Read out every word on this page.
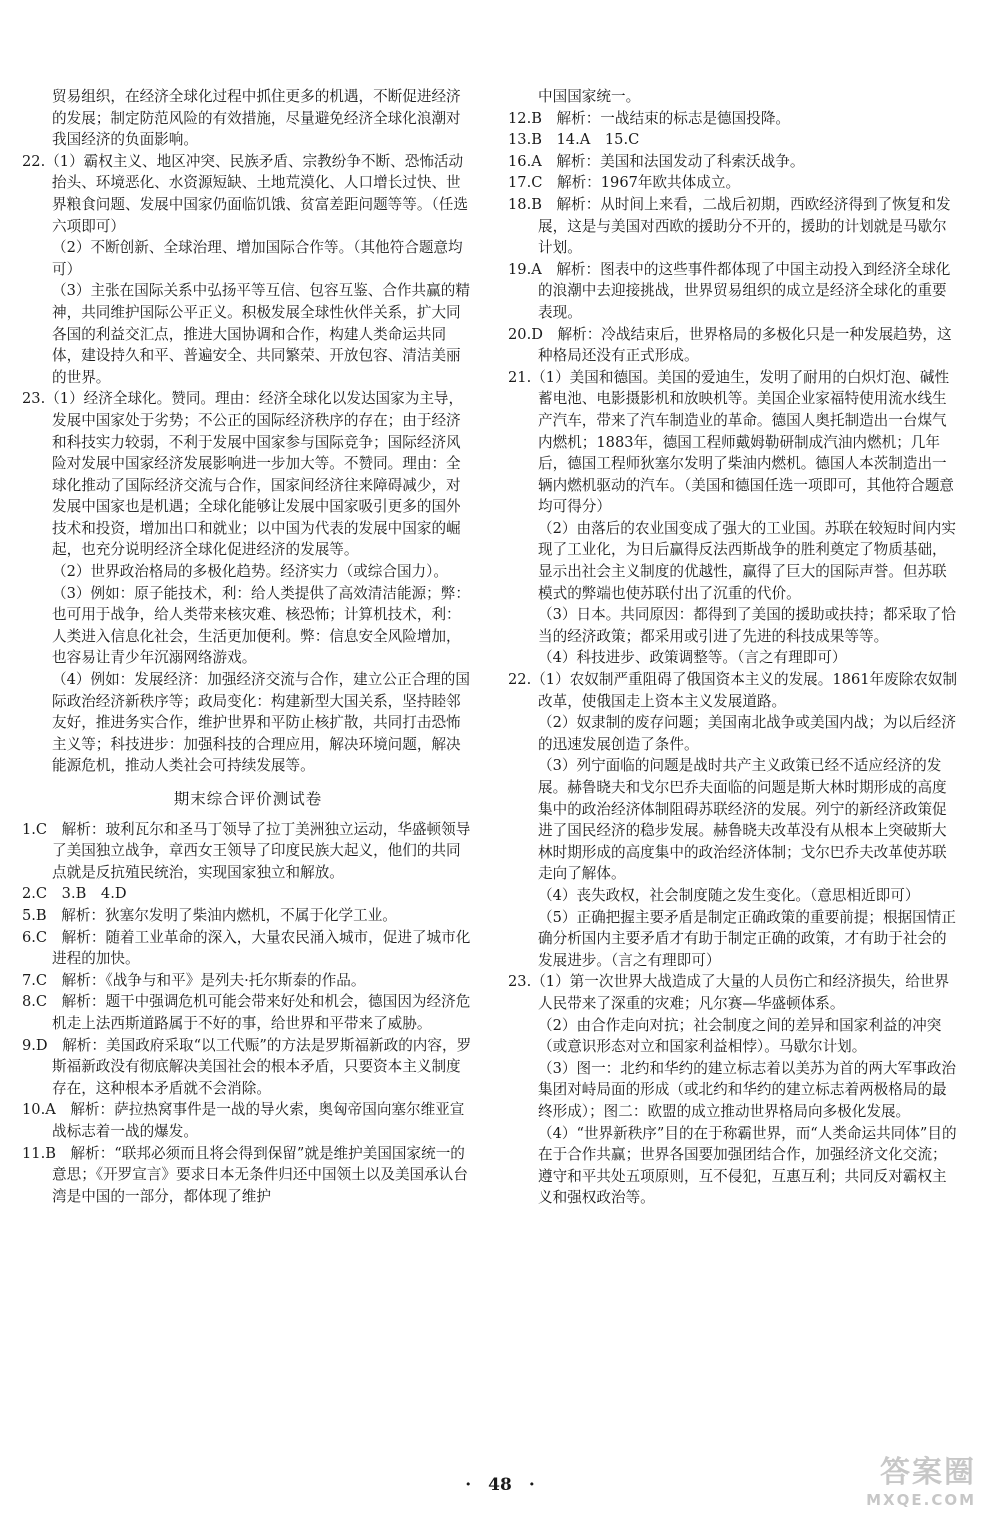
贸易组织，在经济全球化过程中抓住更多的机遇，不断促进经济的发展；制定防范风险的有效措施，尽量避免经济全球化浪潮对我国经济的负面影响。

22.（1）霸权主义、地区冲突、民族矛盾、宗教纷争不断、恐怖活动抬头、环境恶化、水资源短缺、土地荒漠化、人口增长过快、世界粮食问题、发展中国家仍面临饥饿、贫富差距问题等等。（任选六项即可）

（2）不断创新、全球治理、增加国际合作等。（其他符合题意均可）

（3）主张在国际关系中弘扬平等互信、包容互鉴、合作共赢的精神，共同维护国际公平正义。积极发展全球性伙伴关系，扩大同各国的利益交汇点，推进大国协调和合作，构建人类命运共同体，建设持久和平、普遍安全、共同繁荣、开放包容、清洁美丽的世界。

23.（1）经济全球化。赞同。理由：经济全球化以发达国家为主导，发展中国家处于劣势；不公正的国际经济秩序的存在；由于经济和科技实力较弱，不利于发展中国家参与国际竞争；国际经济风险对发展中国家经济发展影响进一步加大等。不赞同。理由：全球化推动了国际经济交流与合作，国家间经济往来障碍减少，对发展中国家也是机遇；全球化能够让发展中国家吸引更多的国外技术和投资，增加出口和就业；以中国为代表的发展中国家的崛起，也充分说明经济全球化促进经济的发展等。

（2）世界政治格局的多极化趋势。经济实力（或综合国力）。

（3）例如：原子能技术，利：给人类提供了高效清洁能源；弊：也可用于战争，给人类带来核灾难、核恐怖；计算机技术，利：人类进入信息化社会，生活更加便利。弊：信息安全风险增加，也容易让青少年沉溺网络游戏。

（4）例如：发展经济：加强经济交流与合作，建立公正合理的国际政治经济新秩序等；政局变化：构建新型大国关系，坚持睦邻友好，推进务实合作，维护世界和平防止核扩散，共同打击恐怖主义等；科技进步：加强科技的合理应用，解决环境问题，解决能源危机，推动人类社会可持续发展等。

期末综合评价测试卷

1.C　解析：玻利瓦尔和圣马丁领导了拉丁美洲独立运动，华盛顿领导了美国独立战争，章西女王领导了印度民族大起义，他们的共同点就是反抗殖民统治，实现国家独立和解放。

2.C　3.B　4.D

5.B　解析：狄塞尔发明了柴油内燃机，不属于化学工业。

6.C　解析：随着工业革命的深入，大量农民涌入城市，促进了城市化进程的加快。

7.C　解析：《战争与和平》是列夫·托尔斯泰的作品。

8.C　解析：题干中强调危机可能会带来好处和机会，德国因为经济危机走上法西斯道路属于不好的事，给世界和平带来了威胁。

9.D　解析：美国政府采取“以工代赈”的方法是罗斯福新政的内容，罗斯福新政没有彻底解决美国社会的根本矛盾，只要资本主义制度存在，这种根本矛盾就不会消除。

10.A　解析：萨拉热窝事件是一战的导火索，奥匈帝国向塞尔维亚宣战标志着一战的爆发。

11.B　解析：“联邦必须而且将会得到保留”就是维护美国国家统一的意思；《开罗宣言》要求日本无条件归还中国领土以及美国承认台湾是中国的一部分，都体现了维护

中国国家统一。

12.B　解析：一战结束的标志是德国投降。

13.B　14.A　15.C

16.A　解析：美国和法国发动了科索沃战争。

17.C　解析：1967年欧共体成立。

18.B　解析：从时间上来看，二战后初期，西欧经济得到了恢复和发展，这是与美国对西欧的援助分不开的，援助的计划就是马歇尔计划。

19.A　解析：图表中的这些事件都体现了中国主动投入到经济全球化的浪潮中去迎接挑战，世界贸易组织的成立是经济全球化的重要表现。

20.D　解析：冷战结束后，世界格局的多极化只是一种发展趋势，这种格局还没有正式形成。

21.（1）美国和德国。美国的爱迪生，发明了耐用的白炽灯泡、碱性蓄电池、电影摄影机和放映机等。美国企业家福特使用流水线生产汽车，带来了汽车制造业的革命。德国人奥托制造出一台煤气内燃机；1883年，德国工程师戴姆勒研制成汽油内燃机；几年后，德国工程师狄塞尔发明了柴油内燃机。德国人本茨制造出一辆内燃机驱动的汽车。（美国和德国任选一项即可，其他符合题意均可得分）

（2）由落后的农业国变成了强大的工业国。苏联在较短时间内实现了工业化，为日后赢得反法西斯战争的胜利奠定了物质基础，显示出社会主义制度的优越性，赢得了巨大的国际声誉。但苏联模式的弊端也使苏联付出了沉重的代价。

（3）日本。共同原因：都得到了美国的援助或扶持；都采取了恰当的经济政策；都采用或引进了先进的科技成果等等。

（4）科技进步、政策调整等。（言之有理即可）

22.（1）农奴制严重阻碍了俄国资本主义的发展。1861年废除农奴制改革，使俄国走上资本主义发展道路。

（2）奴隶制的废存问题；美国南北战争或美国内战；为以后经济的迅速发展创造了条件。

（3）列宁面临的问题是战时共产主义政策已经不适应经济的发展。赫鲁晓夫和戈尔巴乔夫面临的问题是斯大林时期形成的高度集中的政治经济体制阻碍苏联经济的发展。列宁的新经济政策促进了国民经济的稳步发展。赫鲁晓夫改革没有从根本上突破斯大林时期形成的高度集中的政治经济体制；戈尔巴乔夫改革使苏联走向了解体。

（4）丧失政权，社会制度随之发生变化。（意思相近即可）

（5）正确把握主要矛盾是制定正确政策的重要前提；根据国情正确分析国内主要矛盾才有助于制定正确的政策，才有助于社会的发展进步。（言之有理即可）

23.（1）第一次世界大战造成了大量的人员伤亡和经济损失，给世界人民带来了深重的灾难；凡尔赛—华盛顿体系。

（2）由合作走向对抗；社会制度之间的差异和国家利益的冲突（或意识形态对立和国家利益相悖）。马歇尔计划。

（3）图一：北约和华约的建立标志着以美苏为首的两大军事政治集团对峙局面的形成（或北约和华约的建立标志着两极格局的最终形成）；图二：欧盟的成立推动世界格局向多极化发展。

（4）“世界新秩序”目的在于称霸世界，而“人类命运共同体”目的在于合作共赢；世界各国要加强团结合作，加强经济文化交流；遵守和平共处五项原则，互不侵犯，互惠互利；共同反对霸权主义和强权政治等。

·　48　·	答案圈
MXQE.COM
